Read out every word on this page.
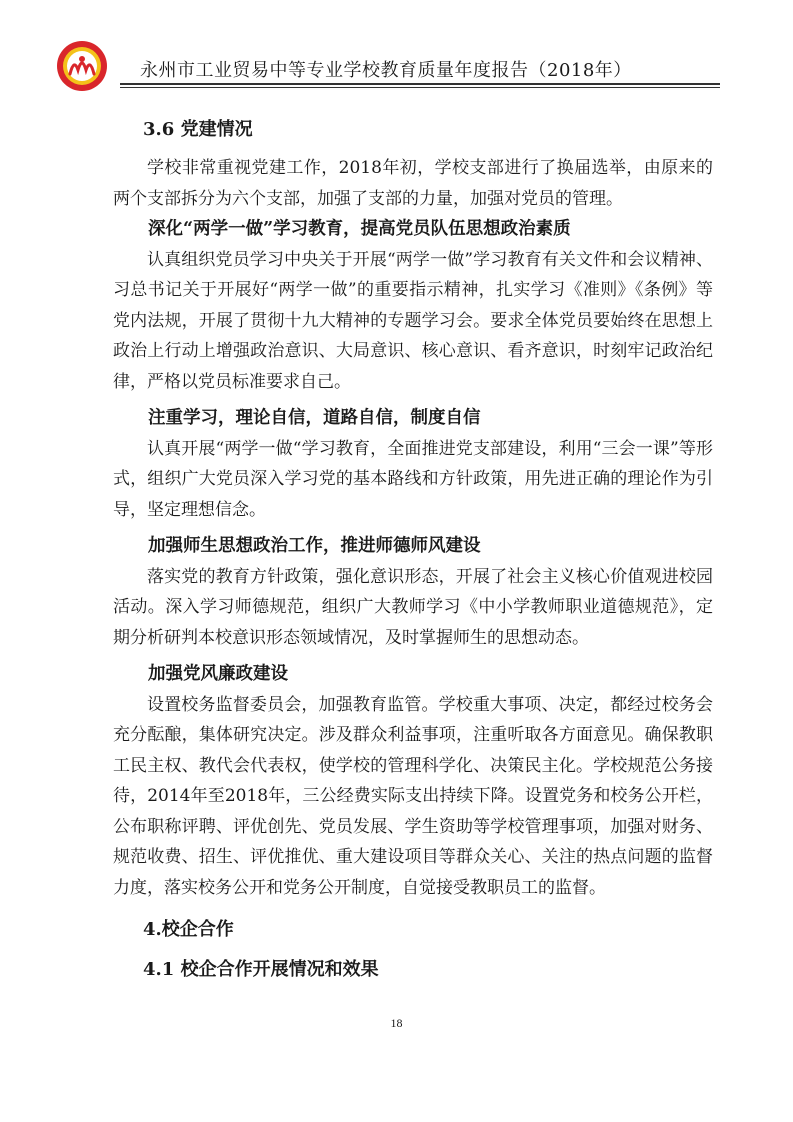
永州市工业贸易中等专业学校教育质量年度报告（2018年）
3.6 党建情况

学校非常重视党建工作，2018年初，学校支部进行了换届选举，由原来的两个支部拆分为六个支部，加强了支部的力量，加强对党员的管理。

深化“两学一做”学习教育，提高党员队伍思想政治素质

认真组织党员学习中央关于开展“两学一做”学习教育有关文件和会议精神、习总书记关于开展好“两学一做”的重要指示精神，扎实学习《准则》《条例》等党内法规，开展了贯彻十九大精神的专题学习会。要求全体党员要始终在思想上政治上行动上增强政治意识、大局意识、核心意识、看齐意识，时刻牢记政治纪律，严格以党员标准要求自己。

注重学习，理论自信，道路自信，制度自信

认真开展“两学一做“学习教育，全面推进党支部建设，利用“三会一课”等形式，组织广大党员深入学习党的基本路线和方针政策，用先进正确的理论作为引导，坚定理想信念。

加强师生思想政治工作，推进师德师风建设

落实党的教育方针政策，强化意识形态，开展了社会主义核心价值观进校园活动。深入学习师德规范，组织广大教师学习《中小学教师职业道德规范》，定期分析研判本校意识形态领域情况，及时掌握师生的思想动态。

加强党风廉政建设

设置校务监督委员会，加强教育监管。学校重大事项、决定，都经过校务会充分酝酿，集体研究决定。涉及群众利益事项，注重听取各方面意见。确保教职工民主权、教代会代表权，使学校的管理科学化、决策民主化。学校规范公务接待，2014年至2018年，三公经费实际支出持续下降。设置党务和校务公开栏，公布职称评聘、评优创先、党员发展、学生资助等学校管理事项，加强对财务、规范收费、招生、评优推优、重大建设项目等群众关心、关注的热点问题的监督力度，落实校务公开和党务公开制度，自觉接受教职员工的监督。

4.校企合作
4.1 校企合作开展情况和效果
18
